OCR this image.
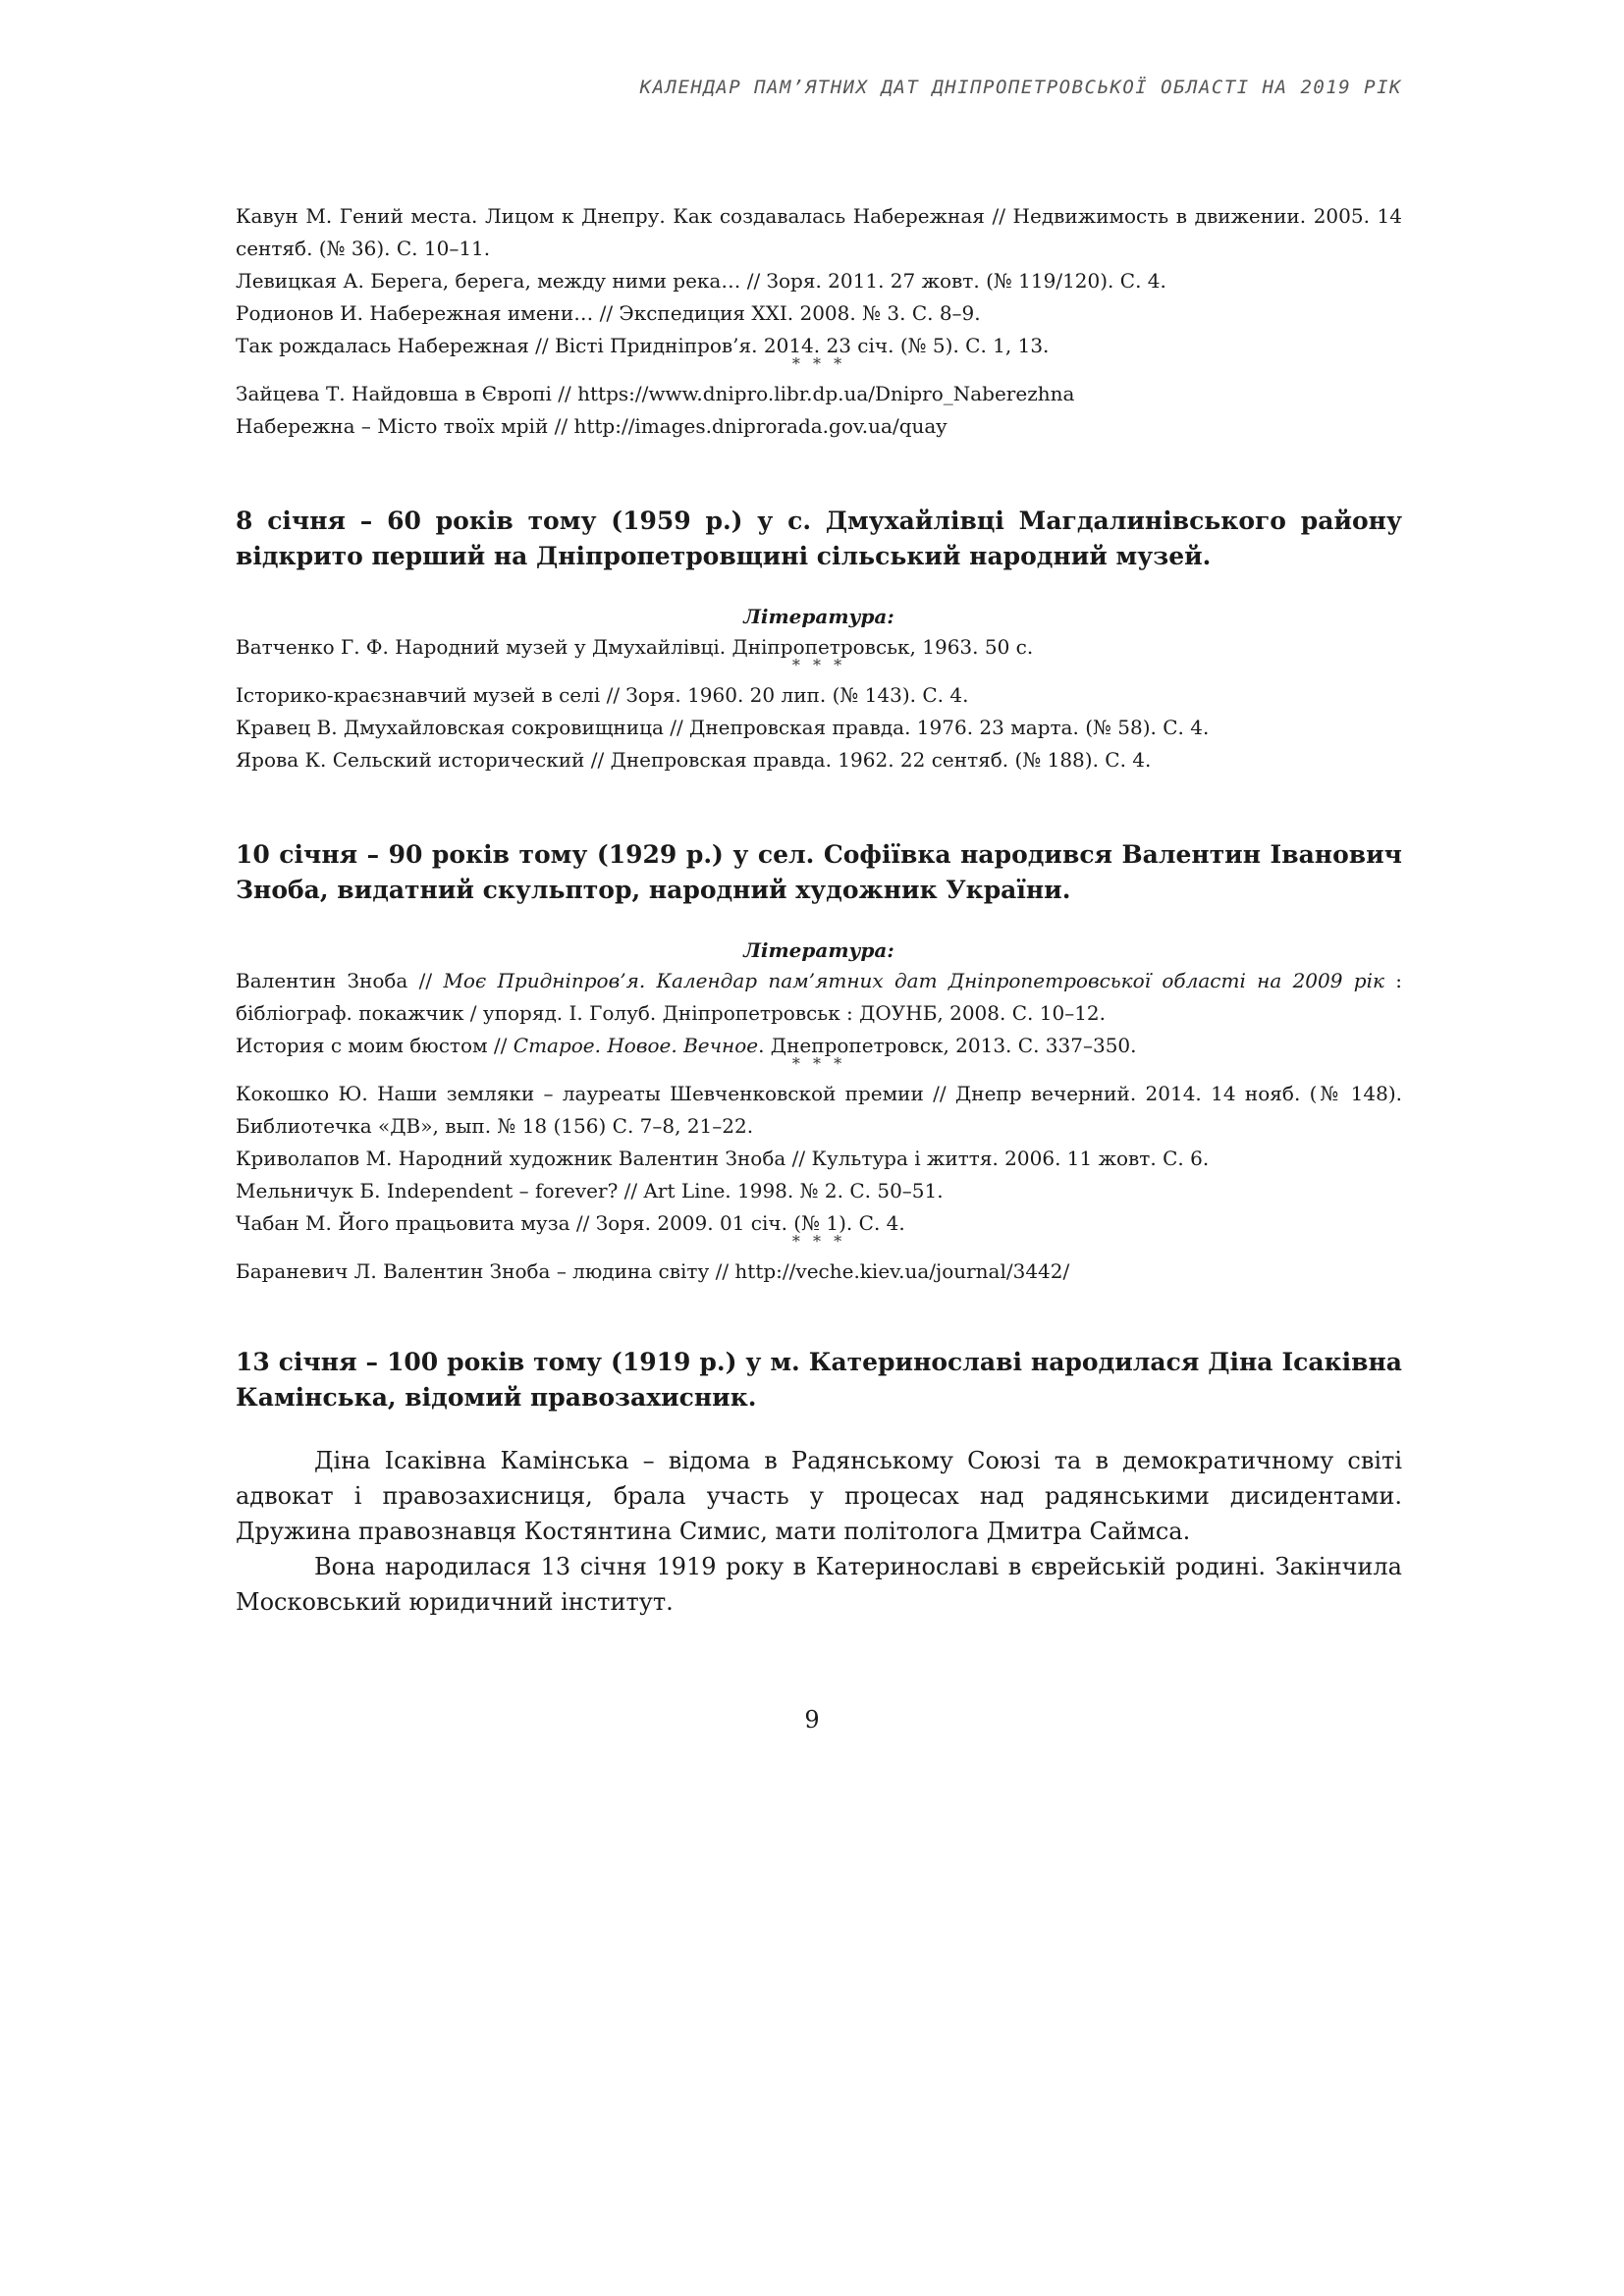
КАЛЕНДАР ПАМ’ЯТНИХ ДАТ ДНІПРОПЕТРОВСЬКОЇ ОБЛАСТІ НА 2019 РІК

Кавун М. Гений места. Лицом к Днепру. Как создавалась Набережная // Недвижимость в движении. 2005. 14 сентяб. (№ 36). С. 10–11.

Левицкая А. Берега, берега, между ними река… // Зоря. 2011. 27 жовт. (№ 119/120). С. 4.

Родионов И. Набережная имени… // Экспедиция XXI. 2008. № 3. С. 8–9.

Так рождалась Набережная // Вісті Придніпров’я. 2014. 23 січ. (№ 5). С. 1, 13.

* * *

Зайцева Т. Найдовша в Європі // https://www.dnipro.libr.dp.ua/Dnipro_Naberezhna

Набережна – Місто твоїх мрій // http://images.dniprorada.gov.ua/quay

8 січня – 60 років тому (1959 р.) у с. Дмухайлівці Магдалинівського району відкрито перший на Дніпропетровщині сільський народний музей.

Література:

Ватченко Г. Ф. Народний музей у Дмухайлівці. Дніпропетровськ, 1963. 50 с.

* * *

Історико-краєзнавчий музей в селі // Зоря. 1960. 20 лип. (№ 143). С. 4.

Кравец В. Дмухайловская сокровищница // Днепровская правда. 1976. 23 марта. (№ 58). С. 4.

Ярова К. Сельский исторический // Днепровская правда. 1962. 22 сентяб. (№ 188). С. 4.

10 січня – 90 років тому (1929 р.) у сел. Софіївка народився Валентин Іванович Зноба, видатний скульптор, народний художник України.

Література:

Валентин Зноба // Моє Придніпров’я. Календар пам’ятних дат Дніпропетровської області на 2009 рік : бібліограф. покажчик / упоряд. І. Голуб. Дніпропетровськ : ДОУНБ, 2008. С. 10–12.

История с моим бюстом // Старое. Новое. Вечное. Днепропетровск, 2013. С. 337–350.

* * *

Кокошко Ю. Наши земляки – лауреаты Шевченковской премии // Днепр вечерний. 2014. 14 нояб. (№ 148). Библиотечка «ДВ», вып. № 18 (156) С. 7–8, 21–22.

Криволапов М. Народний художник Валентин Зноба // Культура і життя. 2006. 11 жовт. С. 6.

Мельничук Б. Independent – forever? // Art Line. 1998. № 2. С. 50–51.

Чабан М. Його працьовита муза // Зоря. 2009. 01 січ. (№ 1). С. 4.

* * *

Бараневич Л. Валентин Зноба – людина світу // http://veche.kiev.ua/journal/3442/

13 січня – 100 років тому (1919 р.) у м. Катеринославі народилася Діна Ісаківна Камінська, відомий правозахисник.

Діна Ісаківна Камінська – відома в Радянському Союзі та в демократичному світі адвокат і правозахисниця, брала участь у процесах над радянськими дисидентами. Дружина правознавця Костянтина Симис, мати політолога Дмитра Саймса.

Вона народилася 13 січня 1919 року в Катеринославі в єврейській родині. Закінчила Московський юридичний інститут.

9
